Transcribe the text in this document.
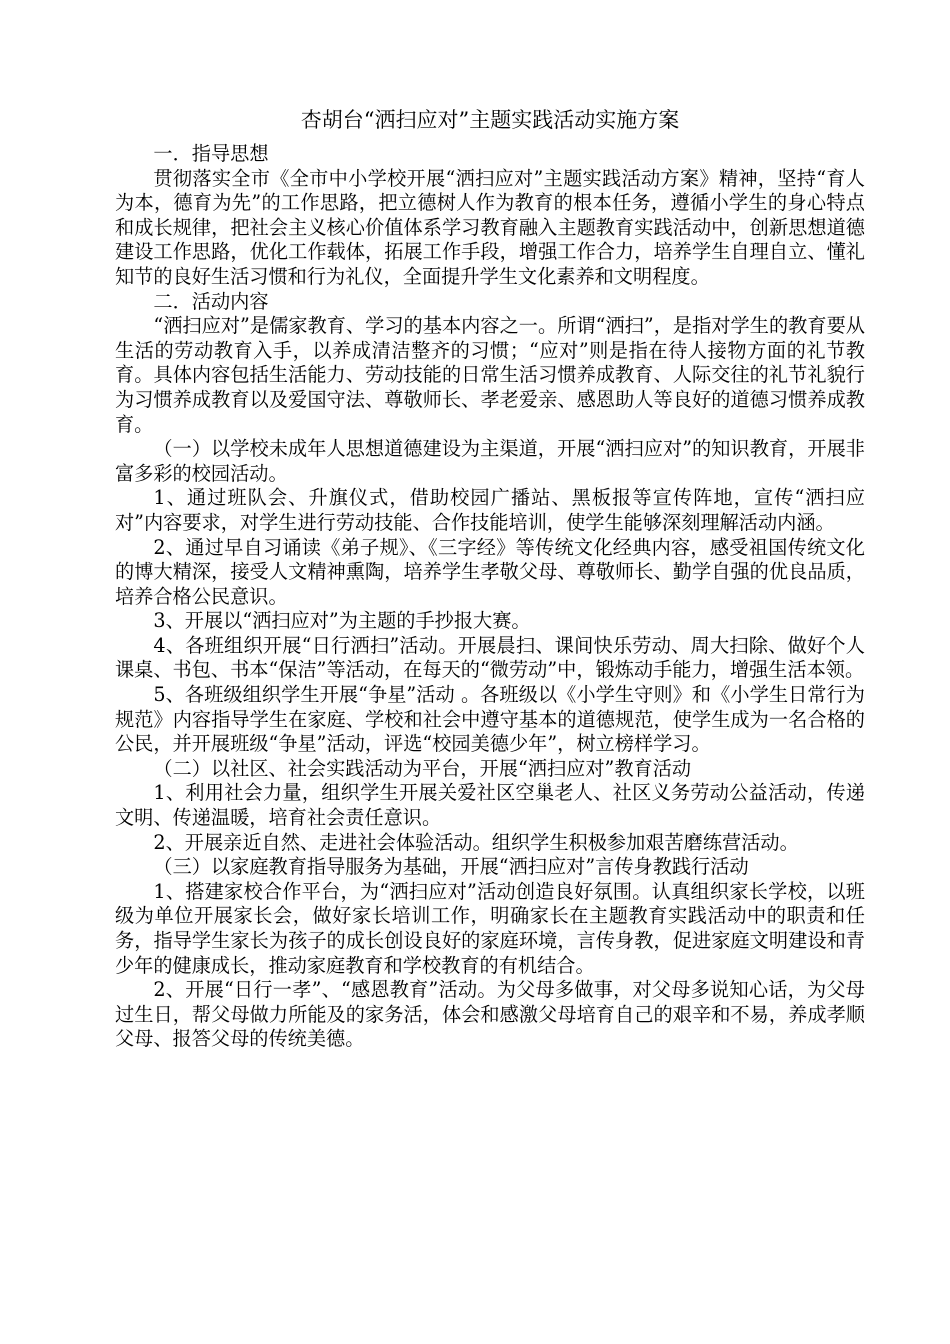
杏胡台“洒扫应对”主题实践活动实施方案

一．指导思想

贯彻落实全市《全市中小学校开展“洒扫应对”主题实践活动方案》精神，坚持“育人为本，德育为先”的工作思路，把立德树人作为教育的根本任务，遵循小学生的身心特点和成长规律，把社会主义核心价值体系学习教育融入主题教育实践活动中，创新思想道德建设工作思路，优化工作载体，拓展工作手段，增强工作合力，培养学生自理自立、懂礼知节的良好生活习惯和行为礼仪，全面提升学生文化素养和文明程度。

二．活动内容

“洒扫应对”是儒家教育、学习的基本内容之一。所谓“洒扫”，是指对学生的教育要从生活的劳动教育入手，以养成清洁整齐的习惯；“应对”则是指在待人接物方面的礼节教育。具体内容包括生活能力、劳动技能的日常生活习惯养成教育、人际交往的礼节礼貌行为习惯养成教育以及爱国守法、尊敬师长、孝老爱亲、感恩助人等良好的道德习惯养成教育。

（一）以学校未成年人思想道德建设为主渠道，开展“洒扫应对”的知识教育，开展非富多彩的校园活动。

1、通过班队会、升旗仪式，借助校园广播站、黑板报等宣传阵地，宣传“洒扫应对”内容要求，对学生进行劳动技能、合作技能培训，使学生能够深刻理解活动内涵。

2、通过早自习诵读《弟子规》、《三字经》等传统文化经典内容，感受祖国传统文化的博大精深，接受人文精神熏陶，培养学生孝敬父母、尊敬师长、勤学自强的优良品质，培养合格公民意识。

3、开展以“洒扫应对”为主题的手抄报大赛。

4、各班组织开展“日行洒扫”活动。开展晨扫、课间快乐劳动、周大扫除、做好个人课桌、书包、书本“保洁”等活动，在每天的“微劳动”中，锻炼动手能力，增强生活本领。

5、各班级组织学生开展“争星”活动 。各班级以《小学生守则》和《小学生日常行为规范》内容指导学生在家庭、学校和社会中遵守基本的道德规范，使学生成为一名合格的公民，并开展班级“争星”活动，评选“校园美德少年”，树立榜样学习。

（二）以社区、社会实践活动为平台，开展“洒扫应对”教育活动

1、利用社会力量，组织学生开展关爱社区空巢老人、社区义务劳动公益活动，传递文明、传递温暖，培育社会责任意识。

2、开展亲近自然、走进社会体验活动。组织学生积极参加艰苦磨练营活动。

（三）以家庭教育指导服务为基础，开展“洒扫应对”言传身教践行活动

1、搭建家校合作平台，为“洒扫应对”活动创造良好氛围。认真组织家长学校，以班级为单位开展家长会，做好家长培训工作，明确家长在主题教育实践活动中的职责和任务，指导学生家长为孩子的成长创设良好的家庭环境，言传身教，促进家庭文明建设和青少年的健康成长，推动家庭教育和学校教育的有机结合。

2、开展“日行一孝”、“感恩教育”活动。为父母多做事，对父母多说知心话，为父母过生日，帮父母做力所能及的家务活，体会和感激父母培育自己的艰辛和不易，养成孝顺父母、报答父母的传统美德。
